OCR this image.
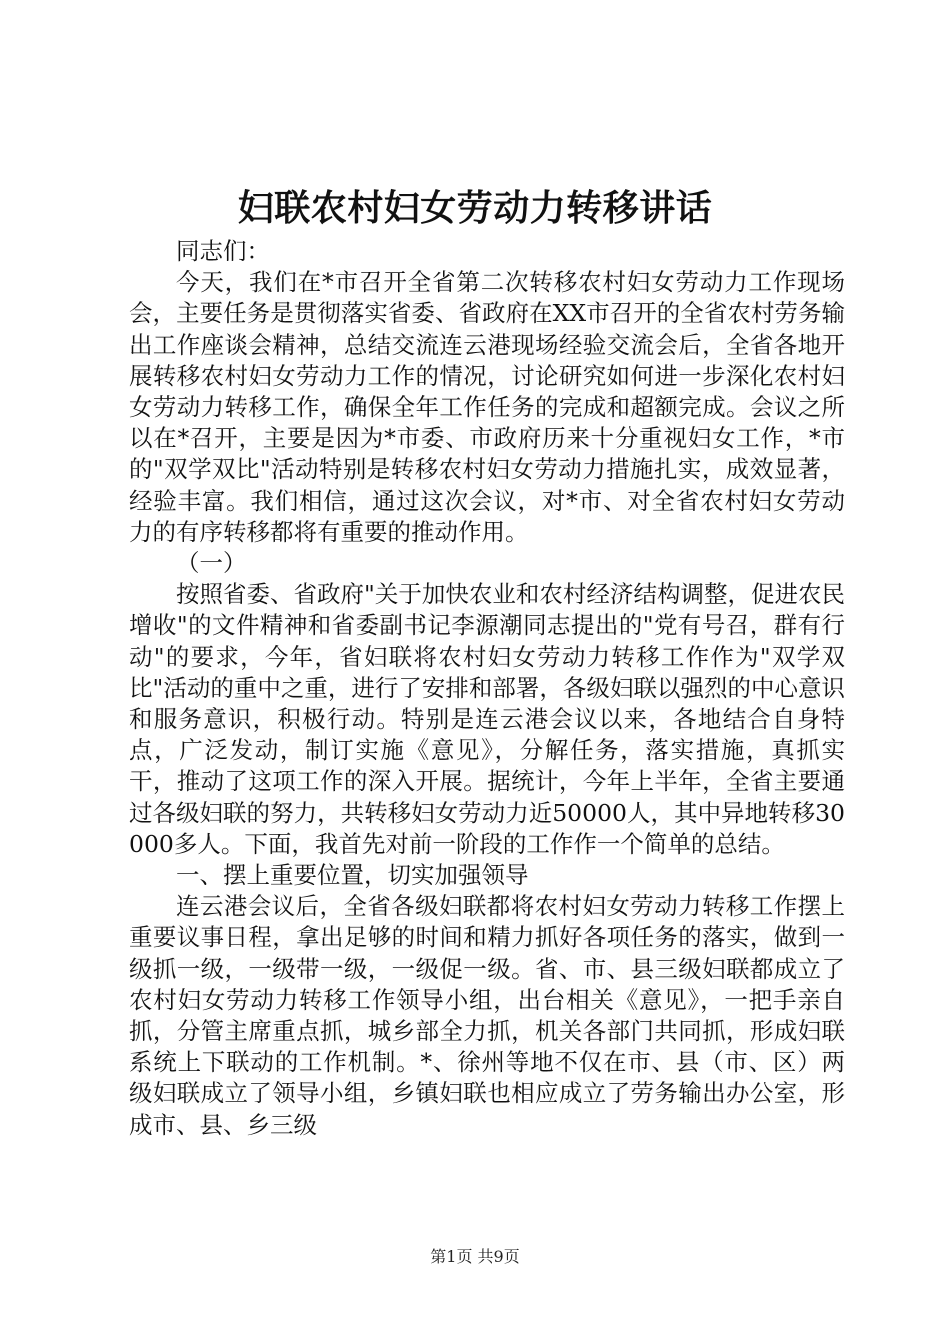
妇联农村妇女劳动力转移讲话

同志们：

今天，我们在*市召开全省第二次转移农村妇女劳动力工作现场会，主要任务是贯彻落实省委、省政府在XX市召开的全省农村劳务输出工作座谈会精神，总结交流连云港现场经验交流会后，全省各地开展转移农村妇女劳动力工作的情况，讨论研究如何进一步深化农村妇女劳动力转移工作，确保全年工作任务的完成和超额完成。会议之所以在*召开，主要是因为*市委、市政府历来十分重视妇女工作，*市的"双学双比"活动特别是转移农村妇女劳动力措施扎实，成效显著，经验丰富。我们相信，通过这次会议，对*市、对全省农村妇女劳动力的有序转移都将有重要的推动作用。

（一）

按照省委、省政府"关于加快农业和农村经济结构调整，促进农民增收"的文件精神和省委副书记李源潮同志提出的"党有号召，群有行动"的要求，今年，省妇联将农村妇女劳动力转移工作作为"双学双比"活动的重中之重，进行了安排和部署，各级妇联以强烈的中心意识和服务意识，积极行动。特别是连云港会议以来，各地结合自身特点，广泛发动，制订实施《意见》，分解任务，落实措施，真抓实干，推动了这项工作的深入开展。据统计，今年上半年，全省主要通过各级妇联的努力，共转移妇女劳动力近50000人，其中异地转移30000多人。下面，我首先对前一阶段的工作作一个简单的总结。

一、摆上重要位置，切实加强领导

连云港会议后，全省各级妇联都将农村妇女劳动力转移工作摆上重要议事日程，拿出足够的时间和精力抓好各项任务的落实，做到一级抓一级，一级带一级，一级促一级。省、市、县三级妇联都成立了农村妇女劳动力转移工作领导小组，出台相关《意见》，一把手亲自抓，分管主席重点抓，城乡部全力抓，机关各部门共同抓，形成妇联系统上下联动的工作机制。*、徐州等地不仅在市、县（市、区）两级妇联成立了领导小组，乡镇妇联也相应成立了劳务输出办公室，形成市、县、乡三级

第1页 共9页
